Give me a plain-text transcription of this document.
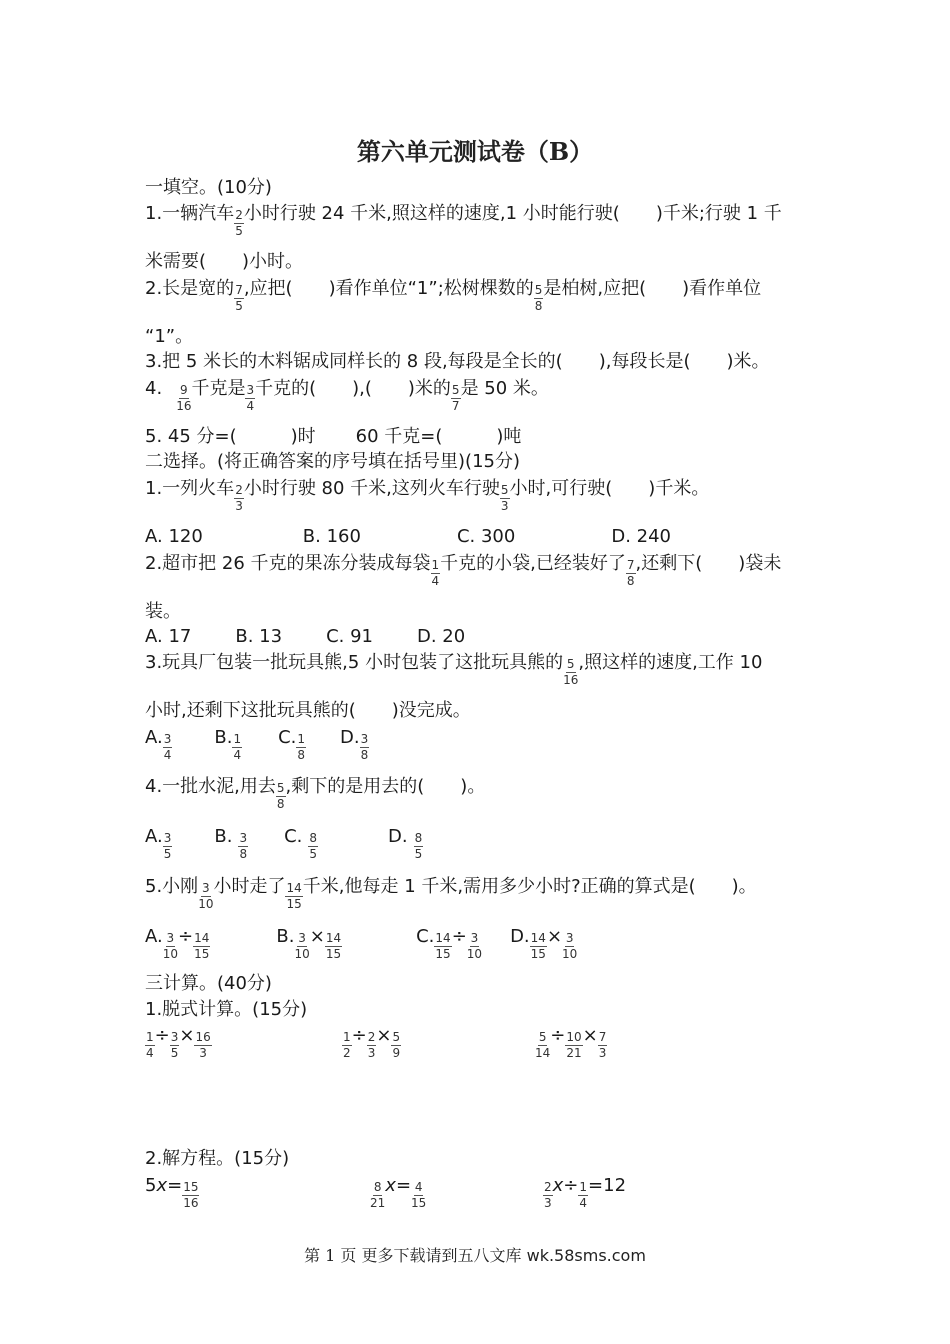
第六单元测试卷（B）
一填空。(10分)
1.一辆汽车 $\frac{2}{5}$ 小时行驶 24 千米,照这样的速度,1 小时能行驶(　　)千米;行驶 1 千
米需要(　　)小时。
2.长是宽的 $\frac{7}{5}$ ,应把(　　)看作单位“1”;松树棵数的 $\frac{5}{8}$ 是柏树,应把(　　)看作单位
“1”。
3.把 5 米长的木料锯成同样长的 8 段,每段是全长的(　　),每段长是(　　)米。
4. $\frac{9}{16}$ 千克是 $\frac{3}{4}$ 千克的(　　),(　　)米的 $\frac{5}{7}$ 是 50 米。
5. 45 分=(　　　)时 60 千克=(　　　)吨
二选择。(将正确答案的序号填在括号里)(15分)
1.一列火车 $\frac{2}{3}$ 小时行驶 80 千米,这列火车行驶 $\frac{5}{3}$ 小时,可行驶(　　)千米。
A. 120	B. 160	C. 300	D. 240
2.超市把 26 千克的果冻分装成每袋 $\frac{1}{4}$ 千克的小袋,已经装好了 $\frac{7}{8}$ ,还剩下(　　)袋未
装。
A. 17 B. 13 C. 91 D. 20
3.玩具厂包装一批玩具熊,5 小时包装了这批玩具熊的 $\frac{5}{16}$ ,照这样的速度,工作 10
小时,还剩下这批玩具熊的(　　)没完成。
A. $\frac{3}{4} B$. $\frac{1}{4} C$. $\frac{1}{8} D$. $\frac{3}{8}$
4.一批水泥,用去 $\frac{5}{8}$ ,剩下的是用去的(　　)。
A. $\frac{3}{5} B$. $\frac{3}{8} C$. $\frac{8}{5}$	D. $\frac{8}{5}$
5.小刚 $\frac{3}{10}$ 小时走了 $\frac{14}{15}$ 千米,他每走 1 千米,需用多少小时?正确的算式是(　　)。
A. $\frac{3}{10} \div \frac{14}{15}$	B. $\frac{3}{10} \times \frac{14}{15}$	C. $\frac{14}{15} \div \frac{3}{10} D$. $\frac{14}{15} \times \frac{3}{10}$
三计算。(40分)
1.脱式计算。(15分)
$\frac{1}{4} \div \frac{3}{5} \times \frac{16}{3}$	$\frac{1}{2} \div \frac{2}{3} \times \frac{5}{9}$	$\frac{5}{14} \div \frac{10}{21} \times \frac{7}{3}$
2.解方程。(15分)
$5x= \frac{15}{16}$	$\frac{8}{21} x= \frac{4}{15}$	$\frac{2}{3} x\div \frac{1}{4} =12$
第 1 页 更多下载请到五八文库 wk.58sms.com
